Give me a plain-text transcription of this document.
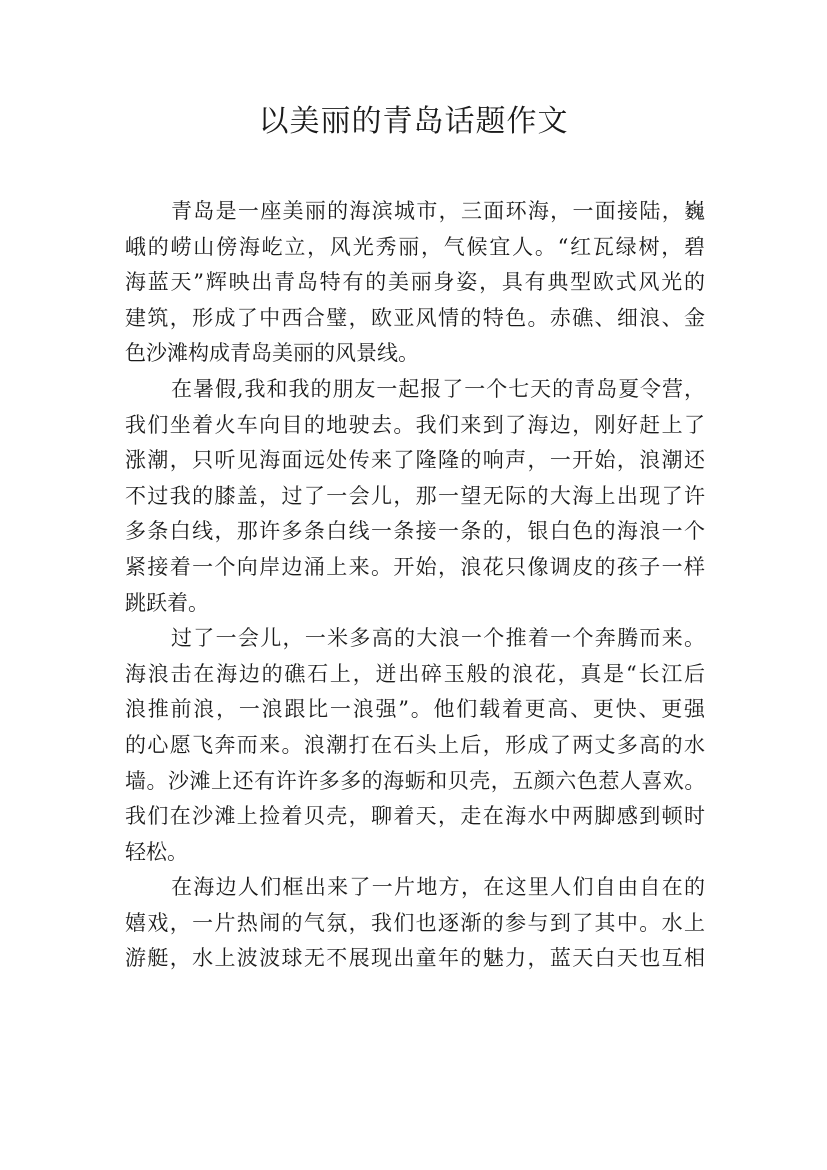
以美丽的青岛话题作文
青岛是一座美丽的海滨城市，三面环海，一面接陆，巍
峨的崂山傍海屹立，风光秀丽，气候宜人。“红瓦绿树，碧
海蓝天”辉映出青岛特有的美丽身姿，具有典型欧式风光的
建筑，形成了中西合璧，欧亚风情的特色。赤礁、细浪、金
色沙滩构成青岛美丽的风景线。
在暑假,我和我的朋友一起报了一个七天的青岛夏令营，
我们坐着火车向目的地驶去。我们来到了海边，刚好赶上了
涨潮，只听见海面远处传来了隆隆的响声，一开始，浪潮还
不过我的膝盖，过了一会儿，那一望无际的大海上出现了许
多条白线，那许多条白线一条接一条的，银白色的海浪一个
紧接着一个向岸边涌上来。开始，浪花只像调皮的孩子一样
跳跃着。
过了一会儿，一米多高的大浪一个推着一个奔腾而来。
海浪击在海边的礁石上，迸出碎玉般的浪花，真是“长江后
浪推前浪，一浪跟比一浪强”。他们载着更高、更快、更强
的心愿飞奔而来。浪潮打在石头上后，形成了两丈多高的水
墙。沙滩上还有许许多多的海蛎和贝壳，五颜六色惹人喜欢。
我们在沙滩上捡着贝壳，聊着天，走在海水中两脚感到顿时
轻松。
在海边人们框出来了一片地方，在这里人们自由自在的
嬉戏，一片热闹的气氛，我们也逐渐的参与到了其中。水上
游艇，水上波波球无不展现出童年的魅力，蓝天白天也互相
